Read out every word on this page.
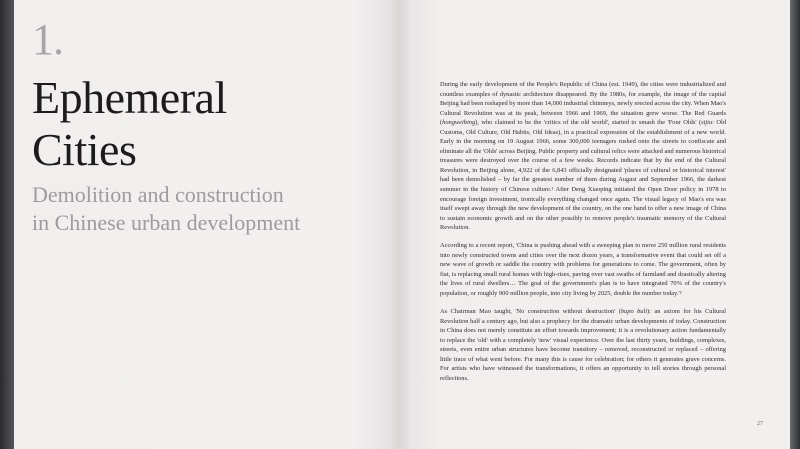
1.
Ephemeral
Cities
Demolition and construction
in Chinese urban development

During the early development of the People's Republic of China (est. 1949), the cities were industrialized and countless examples of dynastic architecture disappeared. By the 1980s, for example, the image of the capital Beijing had been reshaped by more than 14,000 industrial chimneys, newly erected across the city. When Mao's Cultural Revolution was at its peak, between 1966 and 1969, the situation grew worse. The Red Guards (hongweibing), who claimed to be the 'critics of the old world', started to smash the 'Four Olds' (sijiu: Old Customs, Old Culture, Old Habits, Old Ideas), in a practical expression of the establishment of a new world. Early in the morning on 19 August 1966, some 300,000 teenagers rushed onto the streets to confiscate and eliminate all the 'Olds' across Beijing. Public property and cultural relics were attacked and numerous historical treasures were destroyed over the course of a few weeks. Records indicate that by the end of the Cultural Revolution, in Beijing alone, 4,922 of the 6,843 officially designated 'places of cultural or historical interest' had been demolished – by far the greatest number of them during August and September 1966, the darkest summer in the history of Chinese culture.¹ After Deng Xiaoping initiated the Open Door policy in 1978 to encourage foreign investment, ironically everything changed once again. The visual legacy of Mao's era was itself swept away through the new development of the country, on the one hand to offer a new image of China to sustain economic growth and on the other possibly to remove people's traumatic memory of the Cultural Revolution.

According to a recent report, 'China is pushing ahead with a sweeping plan to move 250 million rural residents into newly constructed towns and cities over the next dozen years, a transformative event that could set off a new wave of growth or saddle the country with problems for generations to come. The government, often by fiat, is replacing small rural homes with high-rises, paving over vast swaths of farmland and drastically altering the lives of rural dwellers… The goal of the government's plan is to have integrated 70% of the country's population, or roughly 900 million people, into city living by 2025, double the number today.'²

As Chairman Mao taught, 'No construction without destruction' (bupo buli): an axiom for his Cultural Revolution half a century ago, but also a prophecy for the dramatic urban developments of today. Construction in China does not merely constitute an effort towards improvement; it is a revolutionary action fundamentally to replace the 'old' with a completely 'new' visual experience. Over the last thirty years, buildings, complexes, streets, even entire urban structures have become transitory – removed, reconstructed or replaced – offering little trace of what went before. For many this is cause for celebration; for others it generates grave concerns. For artists who have witnessed the transformations, it offers an opportunity to tell stories through personal reflections.

27
